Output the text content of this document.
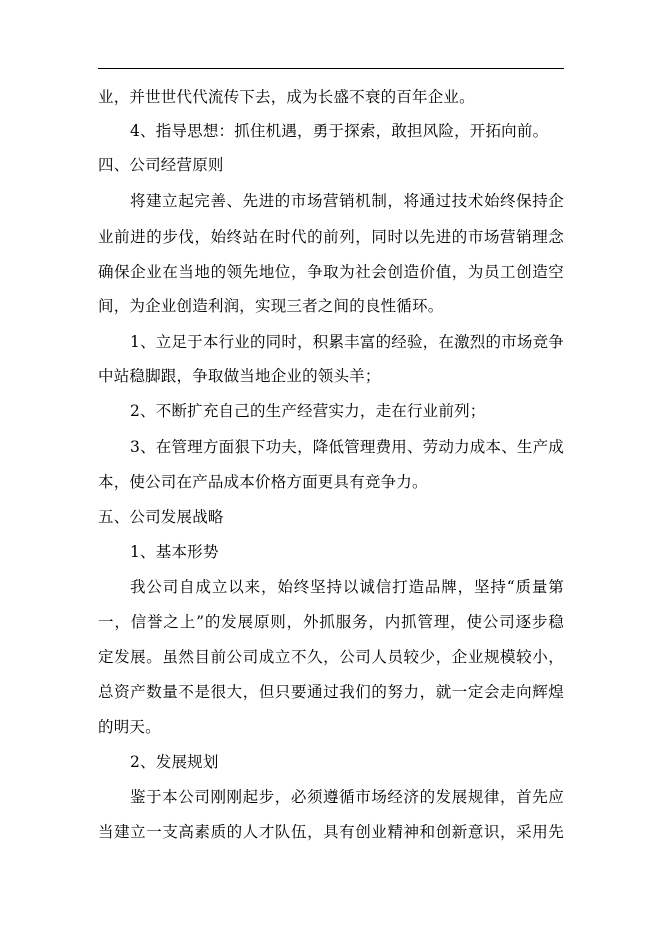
业，并世世代代流传下去，成为长盛不衰的百年企业。
4、指导思想：抓住机遇，勇于探索，敢担风险，开拓向前。
四、公司经营原则
将建立起完善、先进的市场营销机制，将通过技术始终保持企
业前进的步伐，始终站在时代的前列，同时以先进的市场营销理念
确保企业在当地的领先地位，争取为社会创造价值，为员工创造空
间，为企业创造利润，实现三者之间的良性循环。
1、立足于本行业的同时，积累丰富的经验，在激烈的市场竞争
中站稳脚跟，争取做当地企业的领头羊；
2、不断扩充自己的生产经营实力，走在行业前列；
3、在管理方面狠下功夫，降低管理费用、劳动力成本、生产成
本，使公司在产品成本价格方面更具有竞争力。
五、公司发展战略
1、基本形势
我公司自成立以来，始终坚持以诚信打造品牌，坚持“质量第
一，信誉之上”的发展原则，外抓服务，内抓管理，使公司逐步稳
定发展。虽然目前公司成立不久，公司人员较少，企业规模较小，
总资产数量不是很大，但只要通过我们的努力，就一定会走向辉煌
的明天。
2、发展规划
鉴于本公司刚刚起步，必须遵循市场经济的发展规律，首先应
当建立一支高素质的人才队伍，具有创业精神和创新意识，采用先
